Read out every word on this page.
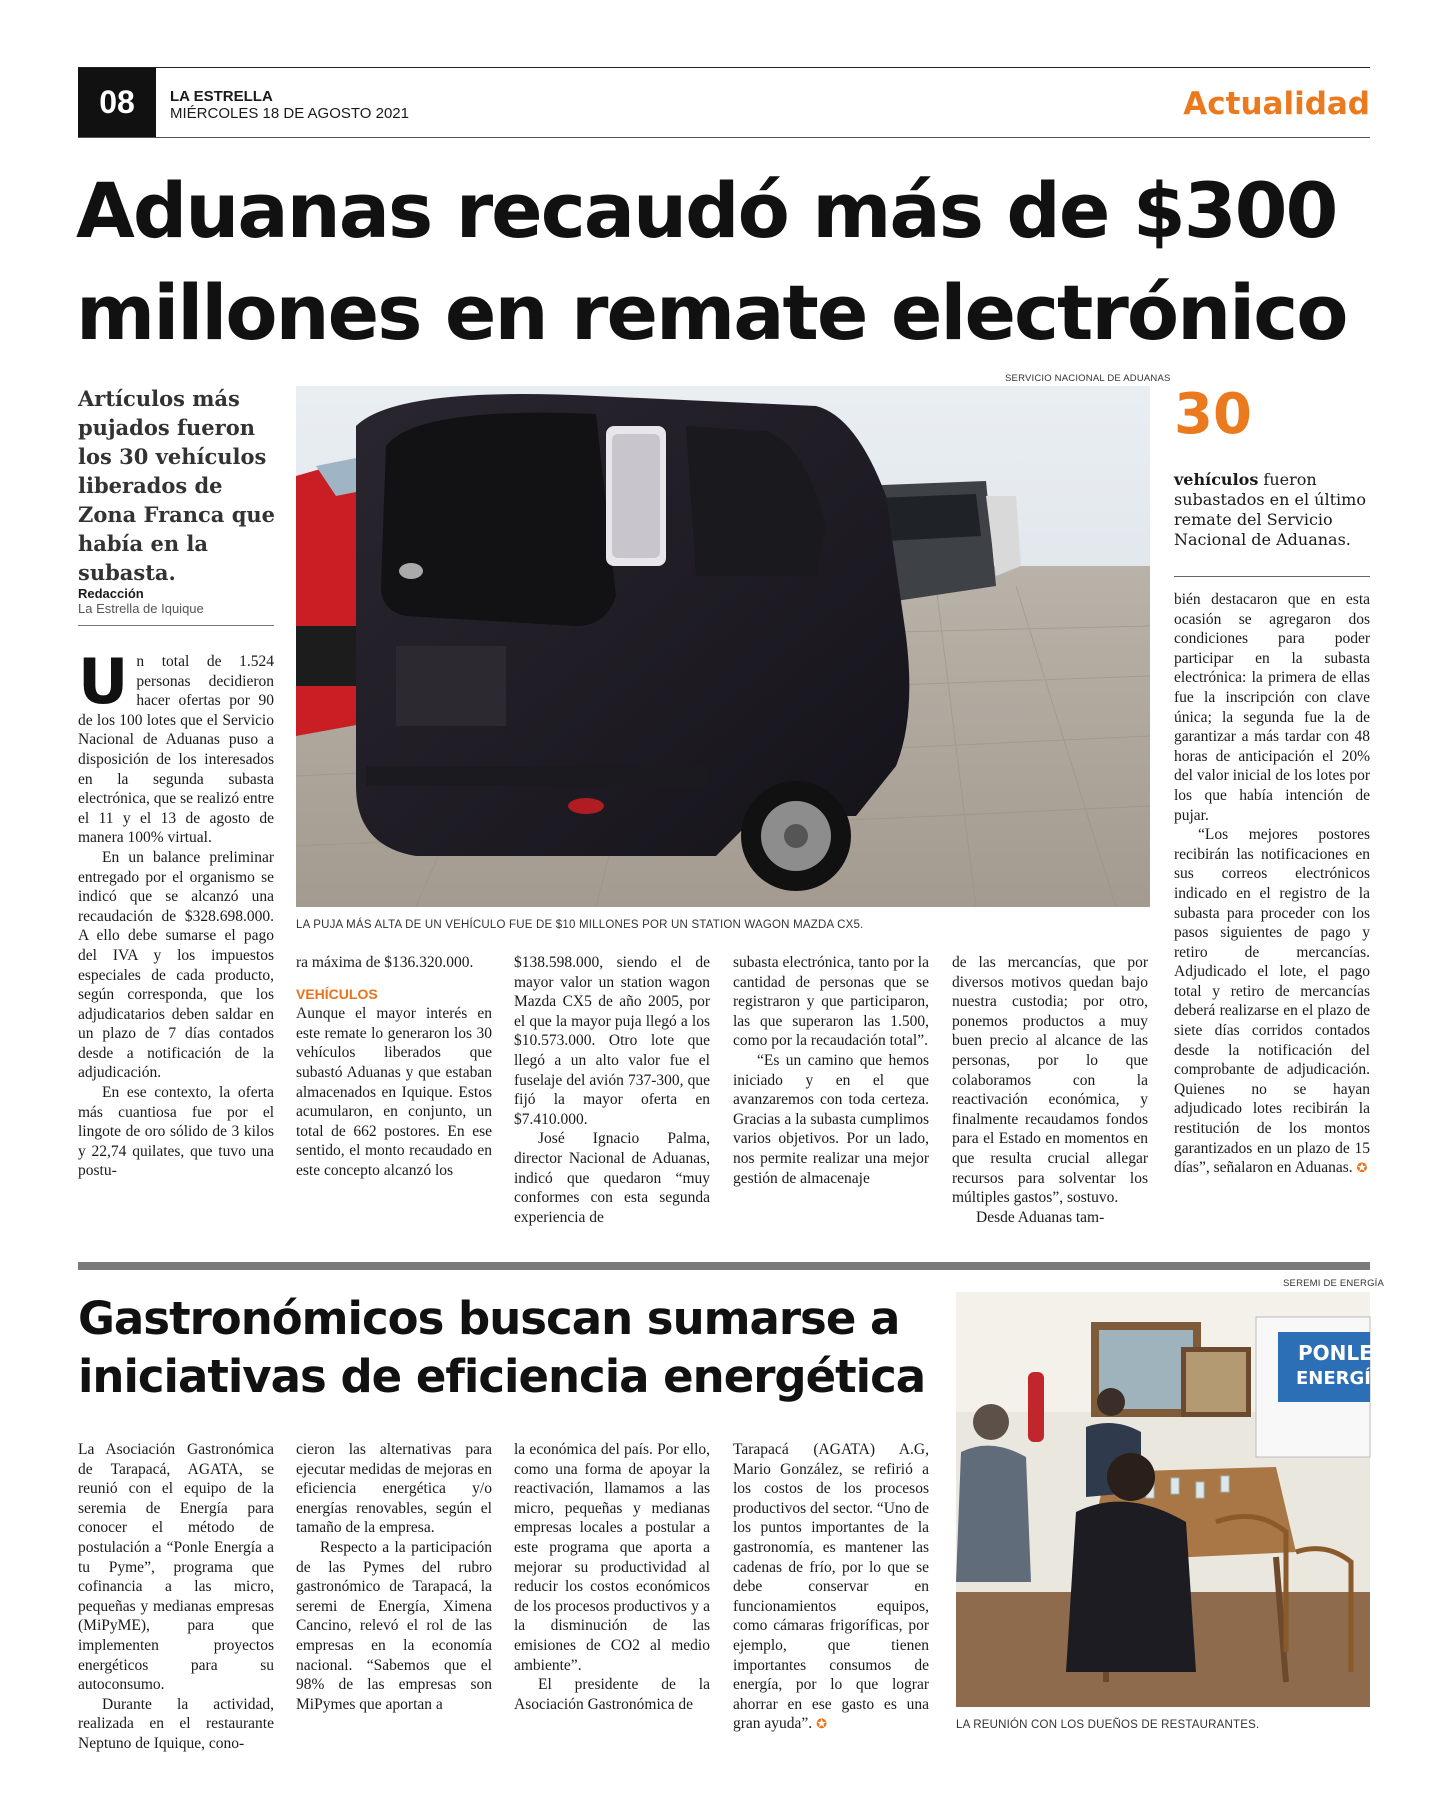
08	LA ESTRELLA
MIÉRCOLES 18 DE AGOSTO 2021	Actualidad
Aduanas recaudó más de $300 millones en remate electrónico
Artículos más pujados fueron los 30 vehículos liberados de Zona Franca que había en la subasta.
Redacción
La Estrella de Iquique
SERVICIO NACIONAL DE ADUANAS
LA PUJA MÁS ALTA DE UN VEHÍCULO FUE DE $10 MILLONES POR UN STATION WAGON MAZDA CX5.
30
vehículos fueron subastados en el último remate del Servicio Nacional de Aduanas.

Un total de 1.524 personas decidieron hacer ofertas por 90 de los 100 lotes que el Servicio Nacional de Aduanas puso a disposición de los interesados en la segunda subasta electrónica, que se realizó entre el 11 y el 13 de agosto de manera 100% virtual.

En un balance preliminar entregado por el organismo se indicó que se alcanzó una recaudación de $328.698.000. A ello debe sumarse el pago del IVA y los impuestos especiales de cada producto, según corresponda, que los adjudicatarios deben saldar en un plazo de 7 días contados desde a notificación de la adjudicación.

En ese contexto, la oferta más cuantiosa fue por el lingote de oro sólido de 3 kilos y 22,74 quilates, que tuvo una postu-

ra máxima de $136.320.000.

VEHÍCULOS

Aunque el mayor interés en este remate lo generaron los 30 vehículos liberados que subastó Aduanas y que estaban almacenados en Iquique. Estos acumularon, en conjunto, un total de 662 postores. En ese sentido, el monto recaudado en este concepto alcanzó los

$138.598.000, siendo el de mayor valor un station wagon Mazda CX5 de año 2005, por el que la mayor puja llegó a los $10.573.000. Otro lote que llegó a un alto valor fue el fuselaje del avión 737-300, que fijó la mayor oferta en $7.410.000.

José Ignacio Palma, director Nacional de Aduanas, indicó que quedaron “muy conformes con esta segunda experiencia de

subasta electrónica, tanto por la cantidad de personas que se registraron y que participaron, las que superaron las 1.500, como por la recaudación total”.

“Es un camino que hemos iniciado y en el que avanzaremos con toda certeza. Gracias a la subasta cumplimos varios objetivos. Por un lado, nos permite realizar una mejor gestión de almacenaje

de las mercancías, que por diversos motivos quedan bajo nuestra custodia; por otro, ponemos productos a muy buen precio al alcance de las personas, por lo que colaboramos con la reactivación económica, y finalmente recaudamos fondos para el Estado en momentos en que resulta crucial allegar recursos para solventar los múltiples gastos”, sostuvo.

Desde Aduanas tam-

bién destacaron que en esta ocasión se agregaron dos condiciones para poder participar en la subasta electrónica: la primera de ellas fue la inscripción con clave única; la segunda fue la de garantizar a más tardar con 48 horas de anticipación el 20% del valor inicial de los lotes por los que había intención de pujar.

“Los mejores postores recibirán las notificaciones en sus correos electrónicos indicado en el registro de la subasta para proceder con los pasos siguientes de pago y retiro de mercancías. Adjudicado el lote, el pago total y retiro de mercancías deberá realizarse en el plazo de siete días corridos contados desde la notificación del comprobante de adjudicación. Quienes no se hayan adjudicado lotes recibirán la restitución de los montos garantizados en un plazo de 15 días”, señalaron en Aduanas. ✪

Gastronómicos buscan sumarse a iniciativas de eficiencia energética
SEREMI DE ENERGÍA
PONLE
ENERGÍA
LA REUNIÓN CON LOS DUEÑOS DE RESTAURANTES.

La Asociación Gastronómica de Tarapacá, AGATA, se reunió con el equipo de la seremia de Energía para conocer el método de postulación a “Ponle Energía a tu Pyme”, programa que cofinancia a las micro, pequeñas y medianas empresas (MiPyME), para que implementen proyectos energéticos para su autoconsumo.

Durante la actividad, realizada en el restaurante Neptuno de Iquique, cono-

cieron las alternativas para ejecutar medidas de mejoras en eficiencia energética y/o energías renovables, según el tamaño de la empresa.

Respecto a la participación de las Pymes del rubro gastronómico de Tarapacá, la seremi de Energía, Ximena Cancino, relevó el rol de las empresas en la economía nacional. “Sabemos que el 98% de las empresas son MiPymes que aportan a

la económica del país. Por ello, como una forma de apoyar la reactivación, llamamos a las micro, pequeñas y medianas empresas locales a postular a este programa que aporta a mejorar su productividad al reducir los costos económicos de los procesos productivos y a la disminución de las emisiones de CO2 al medio ambiente”.

El presidente de la Asociación Gastronómica de

Tarapacá (AGATA) A.G, Mario González, se refirió a los costos de los procesos productivos del sector. “Uno de los puntos importantes de la gastronomía, es mantener las cadenas de frío, por lo que se debe conservar en funcionamientos equipos, como cámaras frigoríficas, por ejemplo, que tienen importantes consumos de energía, por lo que lograr ahorrar en ese gasto es una gran ayuda”. ✪
